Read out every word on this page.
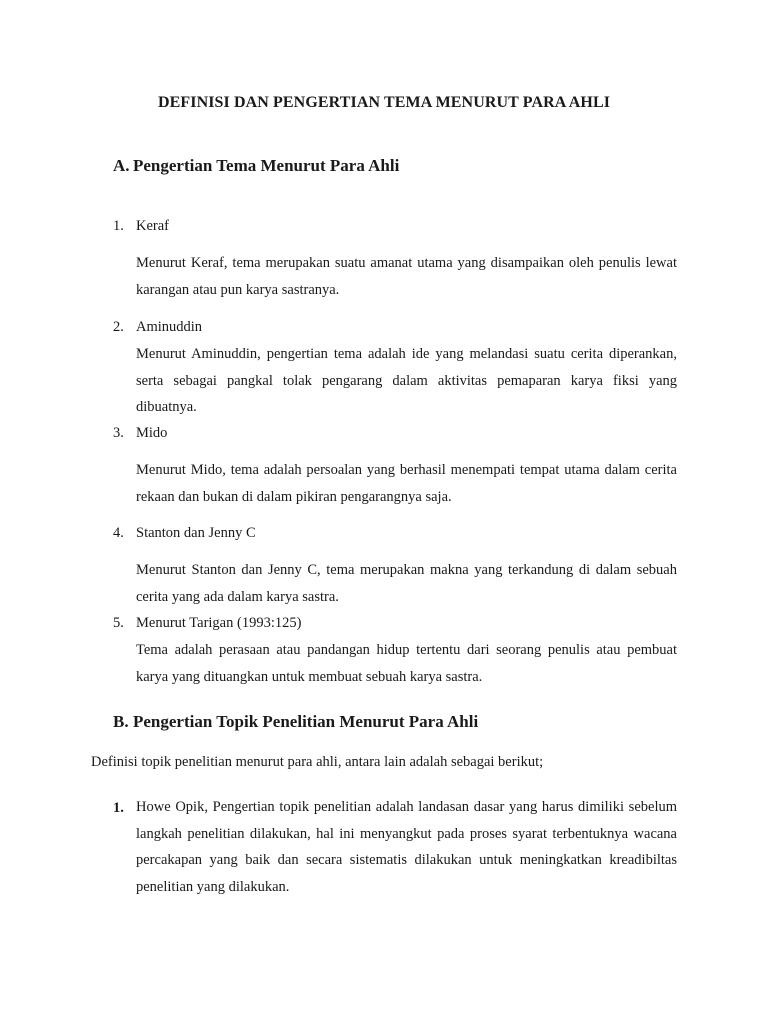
DEFINISI DAN PENGERTIAN TEMA MENURUT PARA AHLI
A. Pengertian Tema Menurut Para Ahli
1. Keraf
Menurut Keraf, tema merupakan suatu amanat utama yang disampaikan oleh penulis lewat karangan atau pun karya sastranya.
2. Aminuddin
Menurut Aminuddin, pengertian tema adalah ide yang melandasi suatu cerita diperankan, serta sebagai pangkal tolak pengarang dalam aktivitas pemaparan karya fiksi yang dibuatnya.
3. Mido
Menurut Mido, tema adalah persoalan yang berhasil menempati tempat utama dalam cerita rekaan dan bukan di dalam pikiran pengarangnya saja.
4. Stanton dan Jenny C
Menurut Stanton dan Jenny C, tema merupakan makna yang terkandung di dalam sebuah cerita yang ada dalam karya sastra.
5. Menurut Tarigan (1993:125)
Tema adalah perasaan atau pandangan hidup tertentu dari seorang penulis atau pembuat karya yang dituangkan untuk membuat sebuah karya sastra.
B. Pengertian Topik Penelitian Menurut Para Ahli
Definisi topik penelitian menurut para ahli, antara lain adalah sebagai berikut;
1. Howe Opik, Pengertian topik penelitian adalah landasan dasar yang harus dimiliki sebelum langkah penelitian dilakukan, hal ini menyangkut pada proses syarat terbentuknya wacana percakapan yang baik dan secara sistematis dilakukan untuk meningkatkan kreadibiltas penelitian yang dilakukan.
